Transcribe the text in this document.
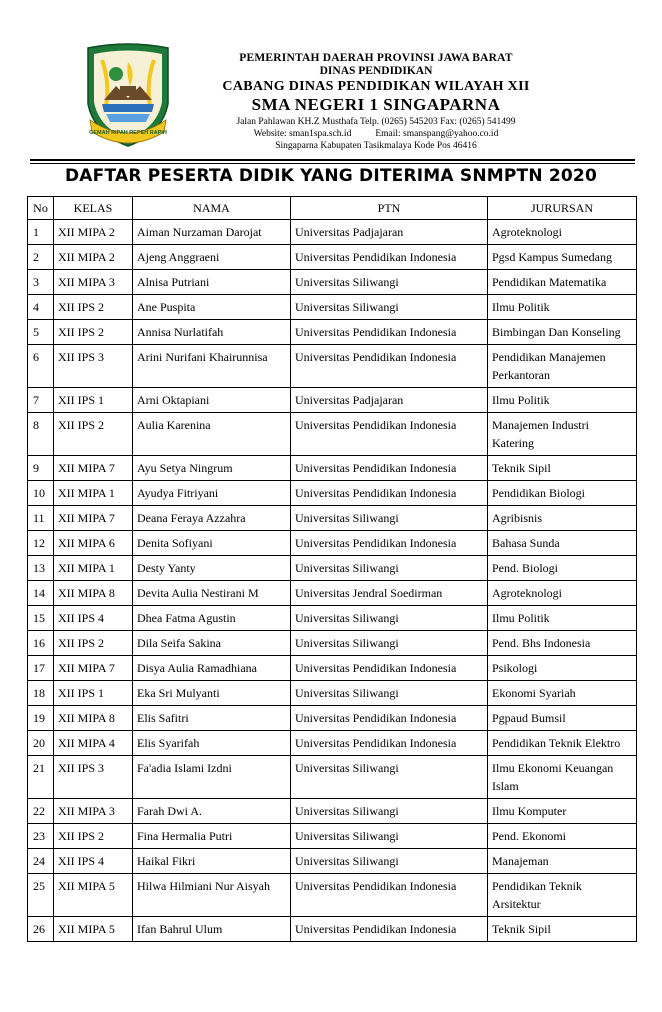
GEMAH RIPAH REPEH RAPIH
PEMERINTAH DAERAH PROVINSI JAWA BARAT
DINAS PENDIDIKAN
CABANG DINAS PENDIDIKAN WILAYAH XII
SMA NEGERI 1 SINGAPARNA
Jalan Pahlawan KH.Z Musthafa Telp. (0265) 545203 Fax: (0265) 541499
Website: sman1spa.sch.id	Email: smanspang@yahoo.co.id
Singaparna Kabupaten Tasikmalaya Kode Pos 46416
DAFTAR PESERTA DIDIK YANG DITERIMA SNMPTN 2020
No	KELAS	NAMA	PTN	JURURSAN
1	XII MIPA 2	Aiman Nurzaman Darojat	Universitas Padjajaran	Agroteknologi
2	XII MIPA 2	Ajeng Anggraeni	Universitas Pendidikan Indonesia	Pgsd Kampus Sumedang
3	XII MIPA 3	Alnisa Putriani	Universitas Siliwangi	Pendidikan Matematika
4	XII IPS 2	Ane Puspita	Universitas Siliwangi	Ilmu Politik
5	XII IPS 2	Annisa Nurlatifah	Universitas Pendidikan Indonesia	Bimbingan Dan Konseling
6	XII IPS 3	Arini Nurifani Khairunnisa	Universitas Pendidikan Indonesia	Pendidikan Manajemen Perkantoran
7	XII IPS 1	Arni Oktapiani	Universitas Padjajaran	Ilmu Politik
8	XII IPS 2	Aulia Karenina	Universitas Pendidikan Indonesia	Manajemen Industri Katering
9	XII MIPA 7	Ayu Setya Ningrum	Universitas Pendidikan Indonesia	Teknik Sipil
10	XII MIPA 1	Ayudya Fitriyani	Universitas Pendidikan Indonesia	Pendidikan Biologi
11	XII MIPA 7	Deana Feraya Azzahra	Universitas Siliwangi	Agribisnis
12	XII MIPA 6	Denita Sofiyani	Universitas Pendidikan Indonesia	Bahasa Sunda
13	XII MIPA 1	Desty Yanty	Universitas Siliwangi	Pend. Biologi
14	XII MIPA 8	Devita Aulia Nestirani M	Universitas Jendral Soedirman	Agroteknologi
15	XII IPS 4	Dhea Fatma Agustin	Universitas Siliwangi	Ilmu Politik
16	XII IPS 2	Dila Seifa Sakina	Universitas Siliwangi	Pend. Bhs Indonesia
17	XII MIPA 7	Disya Aulia Ramadhiana	Universitas Pendidikan Indonesia	Psikologi
18	XII IPS 1	Eka Sri Mulyanti	Universitas Siliwangi	Ekonomi Syariah
19	XII MIPA 8	Elis Safitri	Universitas Pendidikan Indonesia	Pgpaud Bumsil
20	XII MIPA 4	Elis Syarifah	Universitas Pendidikan Indonesia	Pendidikan Teknik Elektro
21	XII IPS 3	Fa'adia Islami Izdni	Universitas Siliwangi	Ilmu Ekonomi Keuangan Islam
22	XII MIPA 3	Farah Dwi A.	Universitas Siliwangi	Ilmu Komputer
23	XII IPS 2	Fina Hermalia Putri	Universitas Siliwangi	Pend. Ekonomi
24	XII IPS 4	Haikal Fikri	Universitas Siliwangi	Manajeman
25	XII MIPA 5	Hilwa Hilmiani Nur Aisyah	Universitas Pendidikan Indonesia	Pendidikan Teknik Arsitektur
26	XII MIPA 5	Ifan Bahrul Ulum	Universitas Pendidikan Indonesia	Teknik Sipil
